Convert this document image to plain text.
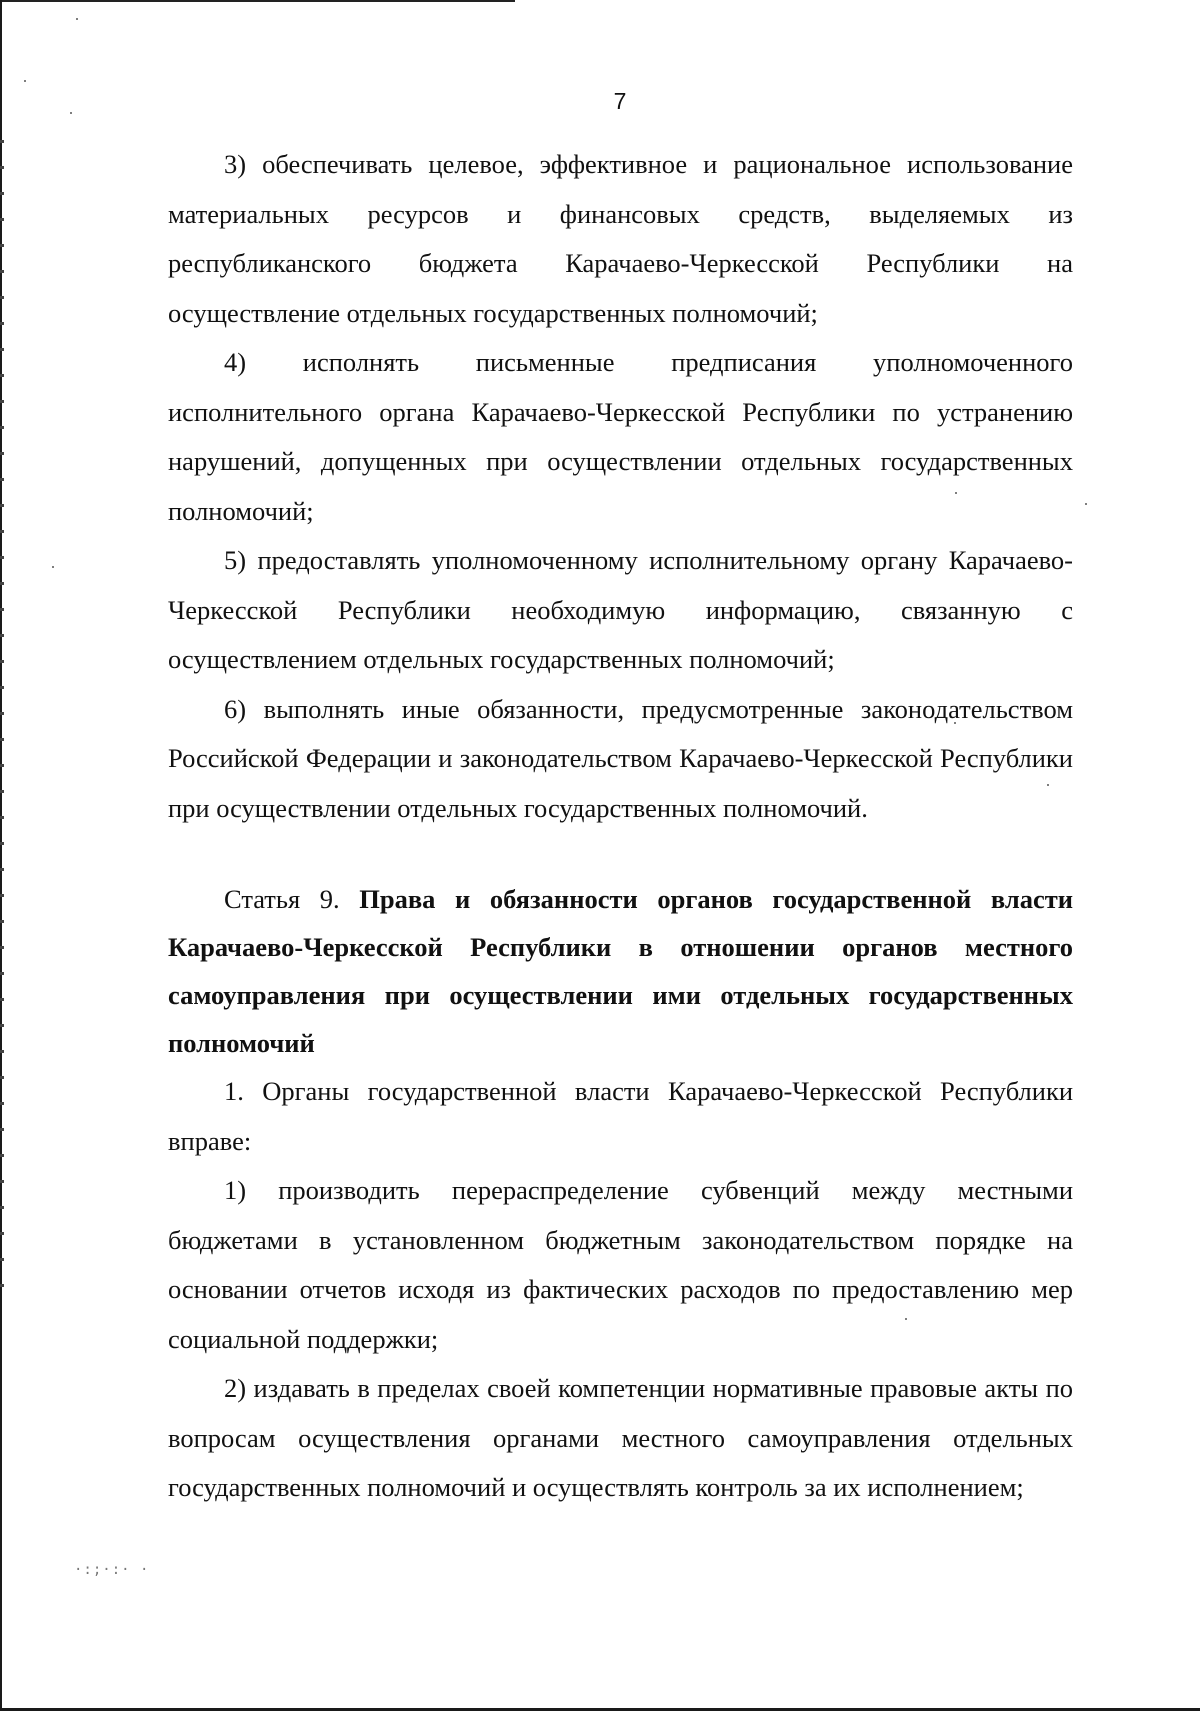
·:;·:· ·
7

3) обеспечивать целевое, эффективное и рациональное использование материальных ресурсов и финансовых средств, выделяемых из республиканского бюджета Карачаево-Черкесской Республики на осуществление отдельных государственных полномочий;

4) исполнять письменные предписания уполномоченного исполнительного органа Карачаево-Черкесской Республики по устранению нарушений, допущенных при осуществлении отдельных государственных полномочий;

5) предоставлять уполномоченному исполнительному органу Карачаево-Черкесской Республики необходимую информацию, связанную с осуществлением отдельных государственных полномочий;

6) выполнять иные обязанности, предусмотренные законодательством Российской Федерации и законодательством Карачаево-Черкесской Республики при осуществлении отдельных государственных полномочий.

Статья 9. Права и обязанности органов государственной власти Карачаево-Черкесской Республики в отношении органов местного самоуправления при осуществлении ими отдельных государственных полномочий

1. Органы государственной власти Карачаево-Черкесской Республики вправе:

1) производить перераспределение субвенций между местными бюджетами в установленном бюджетным законодательством порядке на основании отчетов исходя из фактических расходов по предоставлению мер социальной поддержки;

2) издавать в пределах своей компетенции нормативные правовые акты по вопросам осуществления органами местного самоуправления отдельных государственных полномочий и осуществлять контроль за их исполнением;
